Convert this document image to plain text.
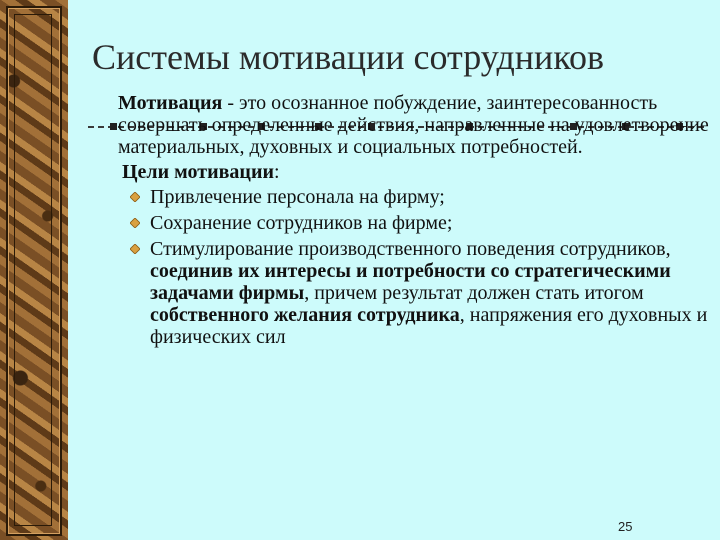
Системы мотивации сотрудников

Мотивация - это осознанное побуждение, заинтересованность совершать определенные действия, направленные на удовлетворение материальных, духовных и социальных потребностей.

Цели мотивации:

Привлечение персонала на фирму;
Сохранение сотрудников на фирме;
Стимулирование производственного поведения сотрудников, соединив их интересы и потребности со стратегическими задачами фирмы, причем результат должен стать итогом собственного желания сотрудника, напряжения его духовных и физических сил
25
